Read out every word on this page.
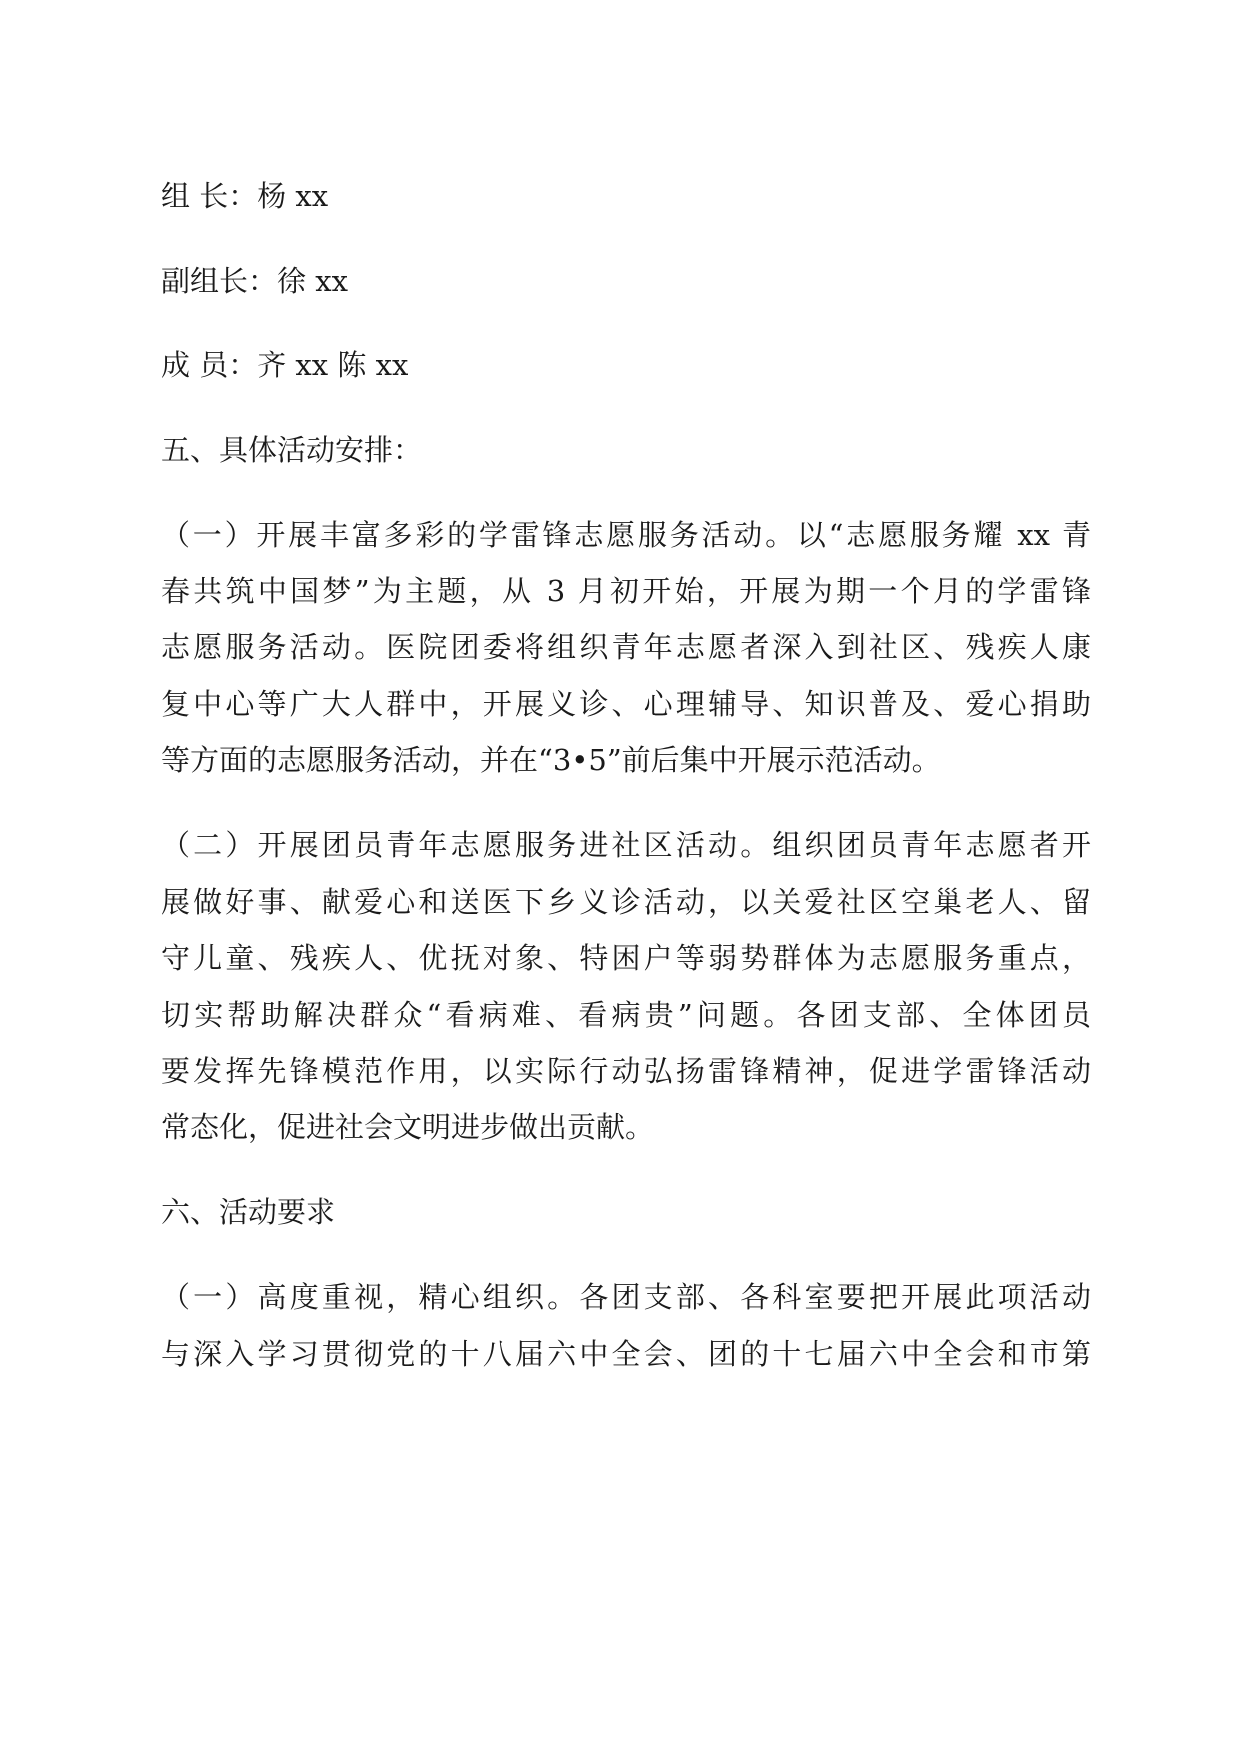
组 长：杨 xx
副组长：徐 xx
成 员：齐 xx 陈 xx
五、具体活动安排：
（一）开展丰富多彩的学雷锋志愿服务活动。以“志愿服务耀 xx 青
春共筑中国梦”为主题，从 3 月初开始，开展为期一个月的学雷锋
志愿服务活动。医院团委将组织青年志愿者深入到社区、残疾人康
复中心等广大人群中，开展义诊、心理辅导、知识普及、爱心捐助
等方面的志愿服务活动，并在“3•5”前后集中开展示范活动。
（二）开展团员青年志愿服务进社区活动。组织团员青年志愿者开
展做好事、献爱心和送医下乡义诊活动，以关爱社区空巢老人、留
守儿童、残疾人、优抚对象、特困户等弱势群体为志愿服务重点，
切实帮助解决群众“看病难、看病贵”问题。各团支部、全体团员
要发挥先锋模范作用，以实际行动弘扬雷锋精神，促进学雷锋活动
常态化，促进社会文明进步做出贡献。
六、活动要求
（一）高度重视，精心组织。各团支部、各科室要把开展此项活动
与深入学习贯彻党的十八届六中全会、团的十七届六中全会和市第
